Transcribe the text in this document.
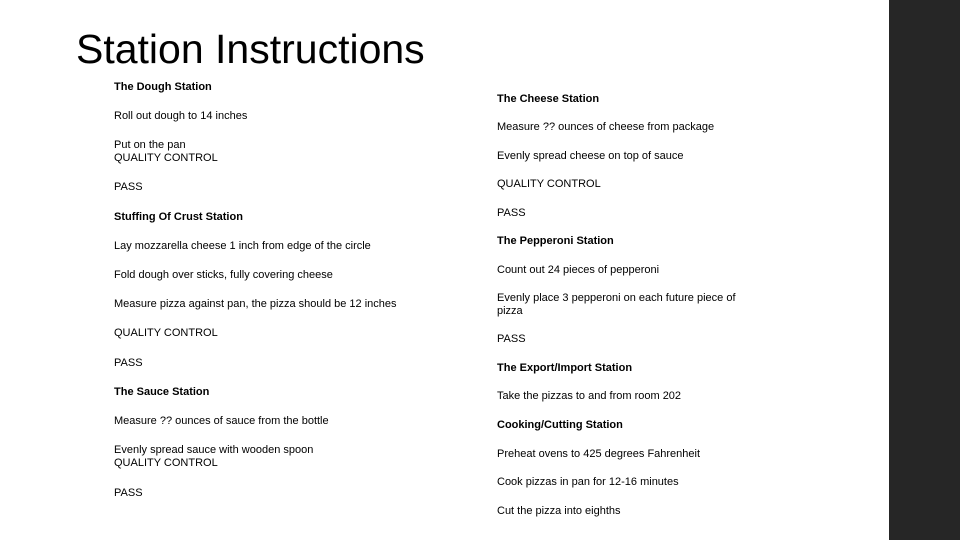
Station Instructions
The Dough Station
Roll out dough to 14 inches
Put on the pan
QUALITY CONTROL
PASS
Stuffing Of Crust Station
Lay mozzarella cheese 1 inch from edge of the circle
Fold dough over sticks, fully covering cheese
Measure pizza against pan, the pizza should be 12 inches
QUALITY CONTROL
PASS
The Sauce Station
Measure ?? ounces of sauce from the bottle
Evenly spread sauce with wooden spoon
QUALITY CONTROL
PASS
The Cheese Station
Measure ?? ounces of cheese from package
Evenly spread cheese on top of sauce
QUALITY CONTROL
PASS
The Pepperoni Station
Count out 24 pieces of pepperoni
Evenly place 3 pepperoni on each future piece of
pizza
PASS
The Export/Import Station
Take the pizzas to and from room 202
Cooking/Cutting Station
Preheat ovens to 425 degrees Fahrenheit
Cook pizzas in pan for 12-16 minutes
Cut the pizza into eighths
